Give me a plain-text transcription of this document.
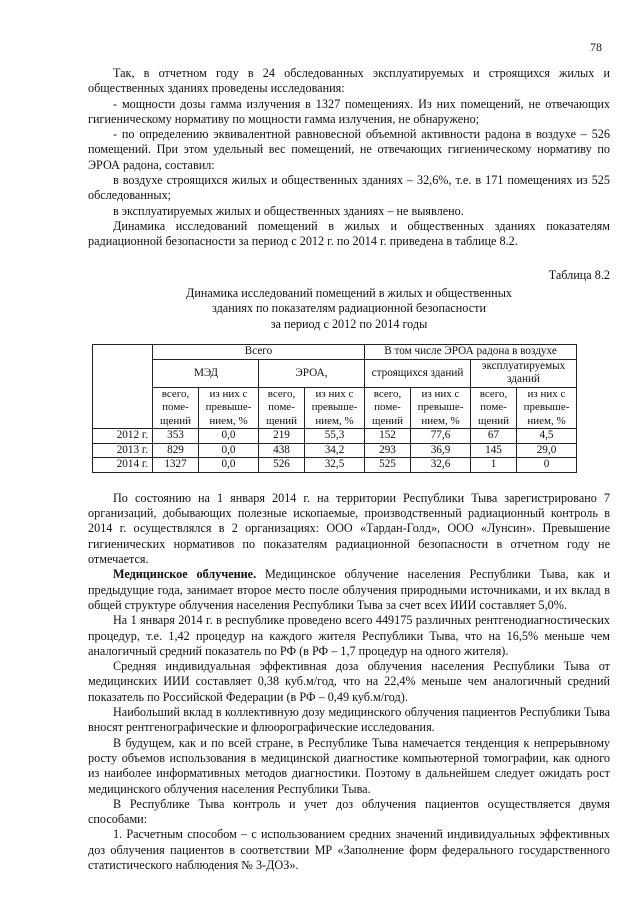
78

Так, в отчетном году в 24 обследованных эксплуатируемых и строящихся жилых и общественных зданиях проведены исследования:

- мощности дозы гамма излучения в 1327 помещениях. Из них помещений, не отвечающих гигиеническому нормативу по мощности гамма излучения, не обнаружено;

- по определению эквивалентной равновесной объемной активности радона в воздухе – 526 помещений. При этом удельный вес помещений, не отвечающих гигиеническому нормативу по ЭРОА радона, составил:

в воздухе строящихся жилых и общественных зданиях – 32,6%, т.е. в 171 помещениях из 525 обследованных;

в эксплуатируемых жилых и общественных зданиях – не выявлено.

Динамика исследований помещений в жилых и общественных зданиях показателям радиационной безопасности за период с 2012 г. по 2014 г. приведена в таблице 8.2.

Таблица 8.2

Динамика исследований помещений в жилых и общественных
зданиях по показателям радиационной безопасности
за период с 2012 по 2014 годы

	Всего				В том числе ЭРОА радона в воздухе			
	МЭД		ЭРОА,		строящихся зданий		эксплуатируемых зданий	
	всего, поме-щений	из них с превыше-нием, %	всего, поме-щений	из них с превыше-нием, %	всего, поме-щений	из них с превыше-нием, %	всего, поме-щений	из них с превыше-нием, %
2012 г.	353	0,0	219	55,3	152	77,6	67	4,5
2013 г.	829	0,0	438	34,2	293	36,9	145	29,0
2014 г.	1327	0,0	526	32,5	525	32,6	1	0

По состоянию на 1 января 2014 г. на территории Республики Тыва зарегистрировано 7 организаций, добывающих полезные ископаемые, производственный радиационный контроль в 2014 г. осуществлялся в 2 организациях: ООО «Тардан-Голд», ООО «Лунсин». Превышение гигиенических нормативов по показателям радиационной безопасности в отчетном году не отмечается.

Медицинское облучение. Медицинское облучение населения Республики Тыва, как и предыдущие года, занимает второе место после облучения природными источниками, и их вклад в общей структуре облучения населения Республики Тыва за счет всех ИИИ составляет 5,0%.

На 1 января 2014 г. в республике проведено всего 449175 различных рентгенодиагностических процедур, т.е. 1,42 процедур на каждого жителя Республики Тыва, что на 16,5% меньше чем аналогичный средний показатель по РФ (в РФ – 1,7 процедур на одного жителя).

Средняя индивидуальная эффективная доза облучения населения Республики Тыва от медицинских ИИИ составляет 0,38 куб.м/год, что на 22,4% меньше чем аналогичный средний показатель по Российской Федерации (в РФ – 0,49 куб.м/год).

Наибольший вклад в коллективную дозу медицинского облучения пациентов Республики Тыва вносят рентгенографические и флюорографические исследования.

В будущем, как и по всей стране, в Республике Тыва намечается тенденция к непрерывному росту объемов использования в медицинской диагностике компьютерной томографии, как одного из наиболее информативных методов диагностики. Поэтому в дальнейшем следует ожидать рост медицинского облучения населения Республики Тыва.

В Республике Тыва контроль и учет доз облучения пациентов осуществляется двумя способами:

1. Расчетным способом – с использованием средних значений индивидуальных эффективных доз облучения пациентов в соответствии МР «Заполнение форм федерального государственного статистического наблюдения № 3-ДОЗ».
